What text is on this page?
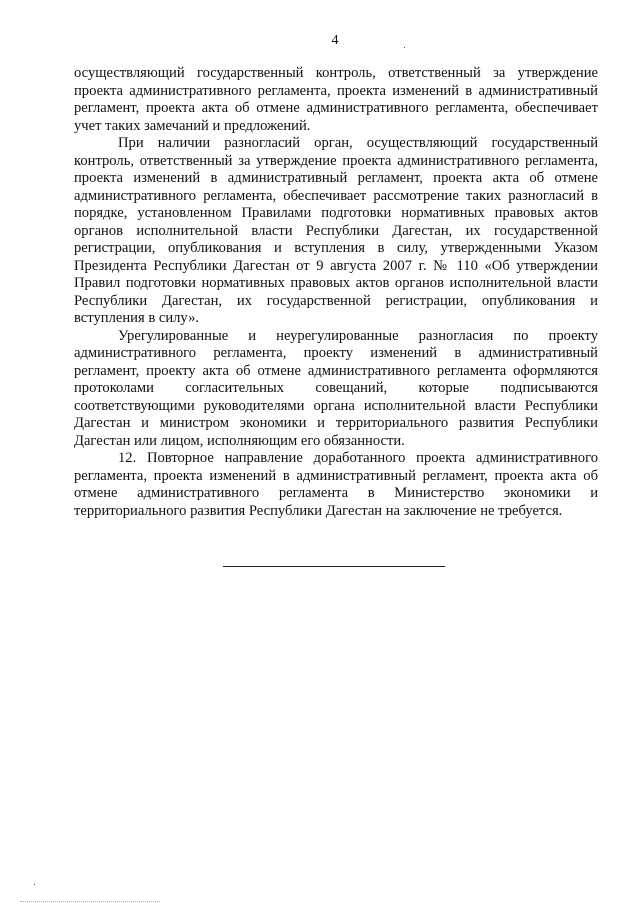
4

осуществляющий государственный контроль, ответственный за утверждение проекта административного регламента, проекта изменений в административный регламент, проекта акта об отмене административного регламента, обеспечивает учет таких замечаний и предложений.

При наличии разногласий орган, осуществляющий государственный контроль, ответственный за утверждение проекта административного регламента, проекта изменений в административный регламент, проекта акта об отмене административного регламента, обеспечивает рассмотрение таких разногласий в порядке, установленном Правилами подготовки нормативных правовых актов органов исполнительной власти Республики Дагестан, их государственной регистрации, опубликования и вступления в силу, утвержденными Указом Президента Республики Дагестан от 9 августа 2007 г. № 110 «Об утверждении Правил подготовки нормативных правовых актов органов исполнительной власти Республики Дагестан, их государственной регистрации, опубликования и вступления в силу».

Урегулированные и неурегулированные разногласия по проекту административного регламента, проекту изменений в административный регламент, проекту акта об отмене административного регламента оформляются протоколами согласительных совещаний, которые подписываются соответствующими руководителями органа исполнительной власти Республики Дагестан и министром экономики и территориального развития Республики Дагестан или лицом, исполняющим его обязанности.

12. Повторное направление доработанного проекта административного регламента, проекта изменений в административный регламент, проекта акта об отмене административного регламента в Министерство экономики и территориального развития Республики Дагестан на заключение не требуется.
